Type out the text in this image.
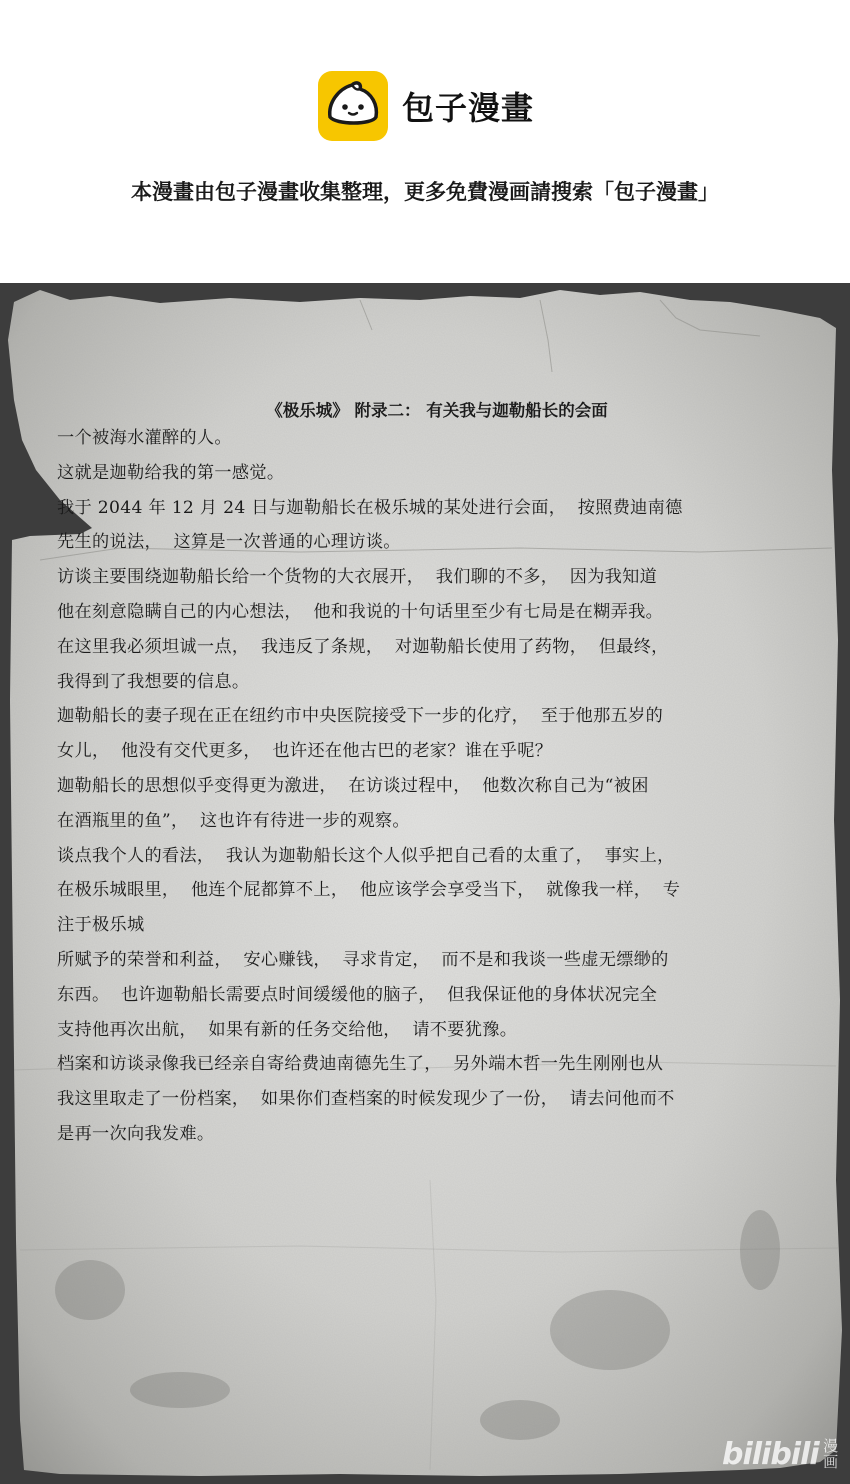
包子漫畫
本漫畫由包子漫畫收集整理，更多免費漫画請搜索「包子漫畫」
《极乐城》 附录二： 有关我与迦勒船长的会面
一个被海水灌醉的人。
这就是迦勒给我的第一感觉。
我于 2044 年 12 月 24 日与迦勒船长在极乐城的某处进行会面，  按照费迪南德
先生的说法，  这算是一次普通的心理访谈。
访谈主要围绕迦勒船长给一个货物的大衣展开，  我们聊的不多，  因为我知道
他在刻意隐瞒自己的内心想法，  他和我说的十句话里至少有七局是在糊弄我。
在这里我必须坦诚一点，  我违反了条规，  对迦勒船长使用了药物，  但最终，
我得到了我想要的信息。
迦勒船长的妻子现在正在纽约市中央医院接受下一步的化疗，  至于他那五岁的
女儿，  他没有交代更多，  也许还在他古巴的老家？谁在乎呢？
迦勒船长的思想似乎变得更为激进，  在访谈过程中，  他数次称自己为“被困
在酒瓶里的鱼”，  这也许有待进一步的观察。
谈点我个人的看法，  我认为迦勒船长这个人似乎把自己看的太重了，  事实上，
在极乐城眼里，  他连个屁都算不上，  他应该学会享受当下，  就像我一样，  专
注于极乐城
所赋予的荣誉和利益，  安心赚钱，  寻求肯定，  而不是和我谈一些虚无缥缈的
东西。  也许迦勒船长需要点时间缓缓他的脑子，  但我保证他的身体状况完全
支持他再次出航，  如果有新的任务交给他，  请不要犹豫。
档案和访谈录像我已经亲自寄给费迪南德先生了，  另外端木哲一先生刚刚也从
我这里取走了一份档案，  如果你们查档案的时候发现少了一份，  请去问他而不
是再一次向我发难。
bilibili 漫画
